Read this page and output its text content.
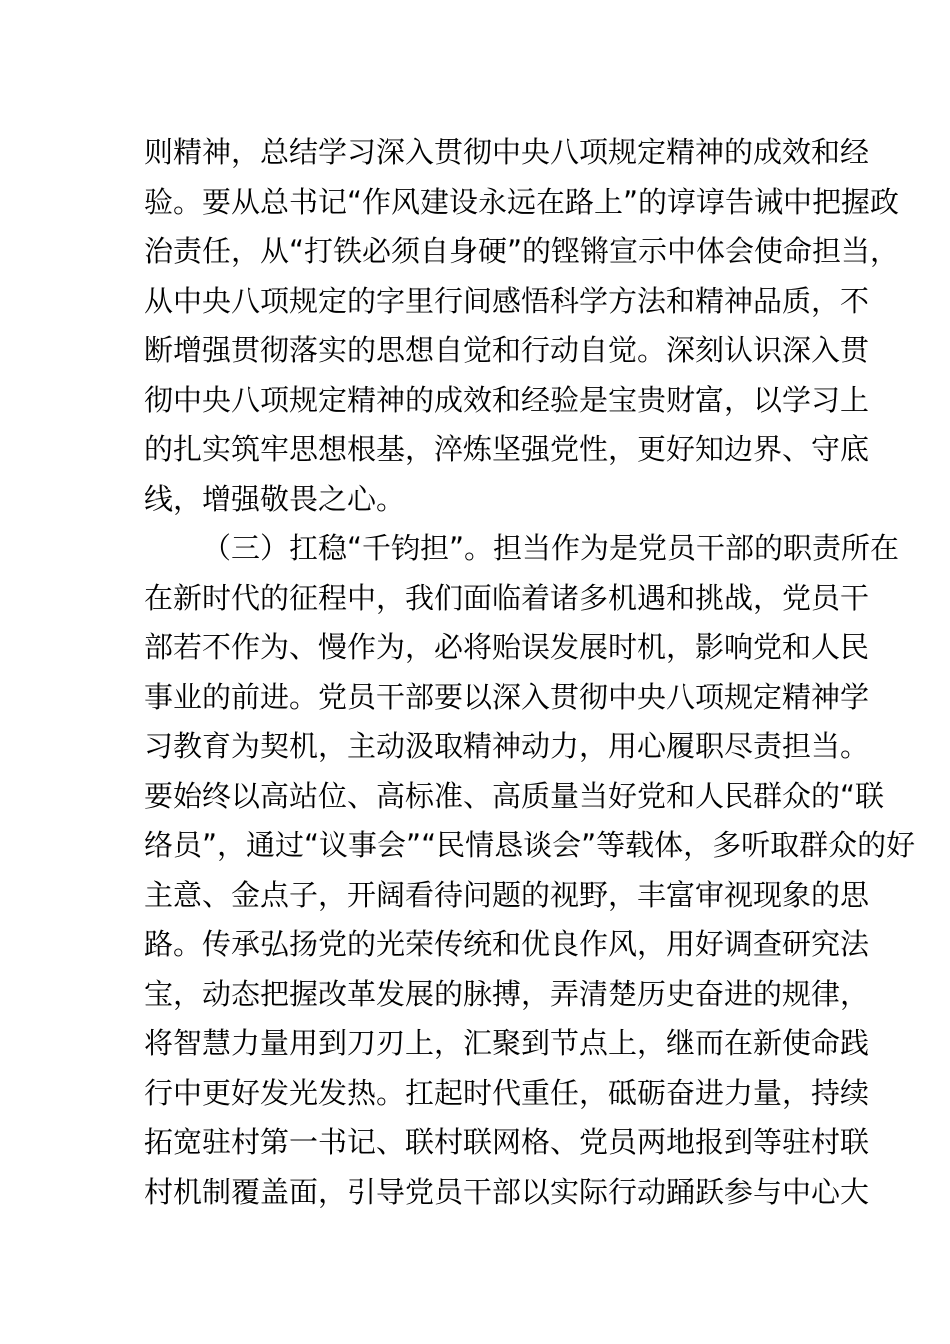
则精神，总结学习深入贯彻中央八项规定精神的成效和经
验。要从总书记“作风建设永远在路上”的谆谆告诫中把握政
治责任，从“打铁必须自身硬”的铿锵宣示中体会使命担当，
从中央八项规定的字里行间感悟科学方法和精神品质，不
断增强贯彻落实的思想自觉和行动自觉。深刻认识深入贯
彻中央八项规定精神的成效和经验是宝贵财富，以学习上
的扎实筑牢思想根基，淬炼坚强党性，更好知边界、守底
线，增强敬畏之心。
（三）扛稳“千钧担”。担当作为是党员干部的职责所在
在新时代的征程中，我们面临着诸多机遇和挑战，党员干
部若不作为、慢作为，必将贻误发展时机，影响党和人民
事业的前进。党员干部要以深入贯彻中央八项规定精神学
习教育为契机，主动汲取精神动力，用心履职尽责担当。
要始终以高站位、高标准、高质量当好党和人民群众的“联
络员”，通过“议事会”“民情恳谈会”等载体，多听取群众的好
主意、金点子，开阔看待问题的视野，丰富审视现象的思
路。传承弘扬党的光荣传统和优良作风，用好调查研究法
宝，动态把握改革发展的脉搏，弄清楚历史奋进的规律，
将智慧力量用到刀刃上，汇聚到节点上，继而在新使命践
行中更好发光发热。扛起时代重任，砥砺奋进力量，持续
拓宽驻村第一书记、联村联网格、党员两地报到等驻村联
村机制覆盖面，引导党员干部以实际行动踊跃参与中心大
